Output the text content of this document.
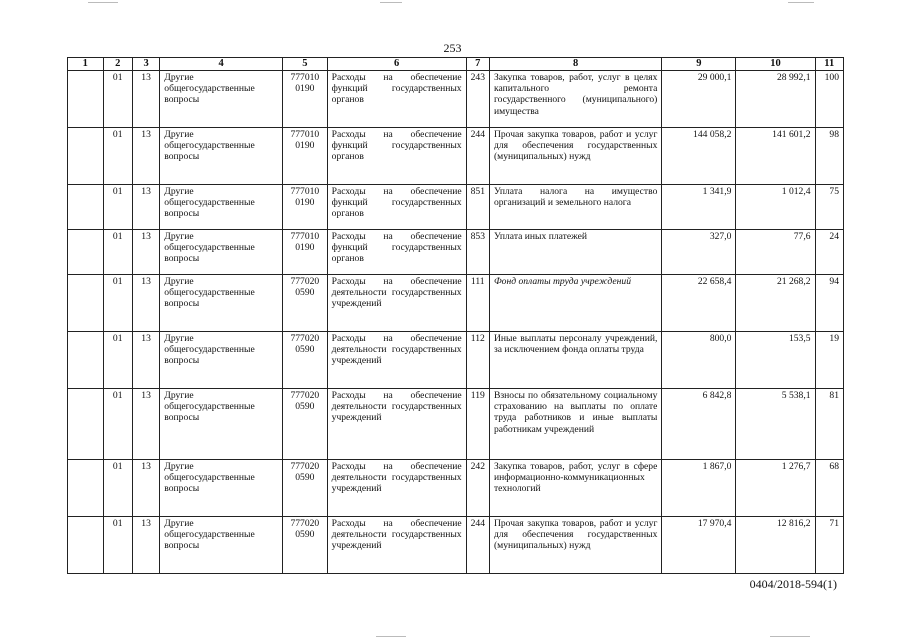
253
1	2	3	4	5	6	7	8	9	10	11
	01	13	Другие общегосударственные вопросы	777010 0190	Расходы на обеспечение функций государственных органов	243	Закупка товаров, работ, услуг в целях капитального ремонта государственного (муниципального) имущества	29 000,1	28 992,1	100
	01	13	Другие общегосударственные вопросы	777010 0190	Расходы на обеспечение функций государственных органов	244	Прочая закупка товаров, работ и услуг для обеспечения государственных (муниципальных) нужд	144 058,2	141 601,2	98
	01	13	Другие общегосударственные вопросы	777010 0190	Расходы на обеспечение функций государственных органов	851	Уплата налога на имущество организаций и земельного налога	1 341,9	1 012,4	75
	01	13	Другие общегосударственные вопросы	777010 0190	Расходы на обеспечение функций государственных органов	853	Уплата иных платежей	327,0	77,6	24
	01	13	Другие общегосударственные вопросы	777020 0590	Расходы на обеспечение деятельности государственных учреждений	111	Фонд оплаты труда учреждений	22 658,4	21 268,2	94
	01	13	Другие общегосударственные вопросы	777020 0590	Расходы на обеспечение деятельности государственных учреждений	112	Иные выплаты персоналу учреждений, за исключением фонда оплаты труда	800,0	153,5	19
	01	13	Другие общегосударственные вопросы	777020 0590	Расходы на обеспечение деятельности государственных учреждений	119	Взносы по обязательному социальному страхованию на выплаты по оплате труда работников и иные выплаты работникам учреждений	6 842,8	5 538,1	81
	01	13	Другие общегосударственные вопросы	777020 0590	Расходы на обеспечение деятельности государственных учреждений	242	Закупка товаров, работ, услуг в сфере информационно-коммуникационных технологий	1 867,0	1 276,7	68
	01	13	Другие общегосударственные вопросы	777020 0590	Расходы на обеспечение деятельности государственных учреждений	244	Прочая закупка товаров, работ и услуг для обеспечения государственных (муниципальных) нужд	17 970,4	12 816,2	71
0404/2018-594(1)
